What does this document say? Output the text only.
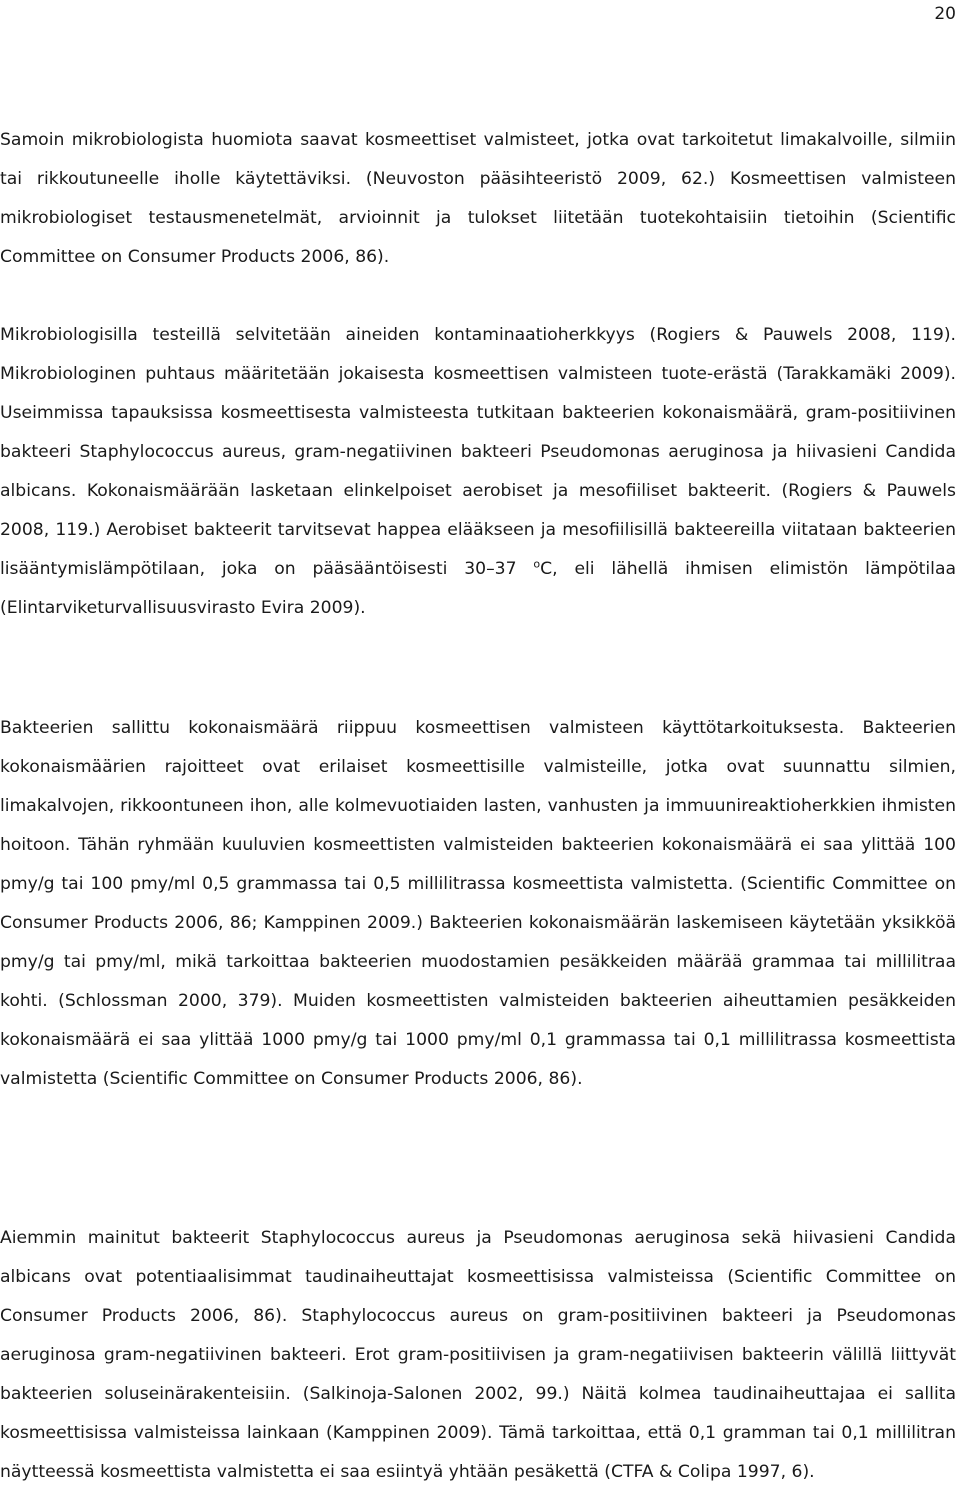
20

Samoin mikrobiologista huomiota saavat kosmeettiset valmisteet, jotka ovat tarkoitetut limakalvoille, silmiin tai rikkoutuneelle iholle käytettäviksi. (Neuvoston pääsihteeristö 2009, 62.) Kosmeettisen valmisteen mikrobiologiset testausmenetelmät, arvioinnit ja tulokset liitetään tuotekohtaisiin tietoihin (Scientific Committee on Consumer Products 2006, 86).

Mikrobiologisilla testeillä selvitetään aineiden kontaminaatioherkkyys (Rogiers & Pauwels 2008, 119). Mikrobiologinen puhtaus määritetään jokaisesta kosmeettisen valmisteen tuote-erästä (Tarakkamäki 2009). Useimmissa tapauksissa kosmeettisesta valmisteesta tutkitaan bakteerien kokonaismäärä, gram-positiivinen bakteeri Staphylococcus aureus, gram-negatiivinen bakteeri Pseudomonas aeruginosa ja hiivasieni Candida albicans. Kokonaismäärään lasketaan elinkelpoiset aerobiset ja mesofiiliset bakteerit. (Rogiers & Pauwels 2008, 119.) Aerobiset bakteerit tarvitsevat happea elääkseen ja mesofiilisillä bakteereilla viitataan bakteerien lisääntymislämpötilaan, joka on pääsääntöisesti 30–37 $^o$C, eli lähellä ihmisen elimistön lämpötilaa (Elintarviketurvallisuusvirasto Evira 2009).

Bakteerien sallittu kokonaismäärä riippuu kosmeettisen valmisteen käyttötarkoituksesta. Bakteerien kokonaismäärien rajoitteet ovat erilaiset kosmeettisille valmisteille, jotka ovat suunnattu silmien, limakalvojen, rikkoontuneen ihon, alle kolmevuotiaiden lasten, vanhusten ja immuunireaktioherkkien ihmisten hoitoon. Tähän ryhmään kuuluvien kosmeettisten valmisteiden bakteerien kokonaismäärä ei saa ylittää 100 pmy/g tai 100 pmy/ml 0,5 grammassa tai 0,5 millilitrassa kosmeettista valmistetta. (Scientific Committee on Consumer Products 2006, 86; Kamppinen 2009.) Bakteerien kokonaismäärän laskemiseen käytetään yksikköä pmy/g tai pmy/ml, mikä tarkoittaa bakteerien muodostamien pesäkkeiden määrää grammaa tai millilitraa kohti. (Schlossman 2000, 379). Muiden kosmeettisten valmisteiden bakteerien aiheuttamien pesäkkeiden kokonaismäärä ei saa ylittää 1000 pmy/g tai 1000 pmy/ml 0,1 grammassa tai 0,1 millilitrassa kosmeettista valmistetta (Scientific Committee on Consumer Products 2006, 86).

Aiemmin mainitut bakteerit Staphylococcus aureus ja Pseudomonas aeruginosa sekä hiivasieni Candida albicans ovat potentiaalisimmat taudinaiheuttajat kosmeettisissa valmisteissa (Scientific Committee on Consumer Products 2006, 86). Staphylococcus aureus on gram-positiivinen bakteeri ja Pseudomonas aeruginosa gram-negatiivinen bakteeri. Erot gram-positiivisen ja gram-negatiivisen bakteerin välillä liittyvät bakteerien soluseinärakenteisiin. (Salkinoja-Salonen 2002, 99.) Näitä kolmea taudinaiheuttajaa ei sallita kosmeettisissa valmisteissa lainkaan (Kamppinen 2009). Tämä tarkoittaa, että 0,1 gramman tai 0,1 millilitran näytteessä kosmeettista valmistetta ei saa esiintyä yhtään pesäkettä (CTFA & Colipa 1997, 6).
